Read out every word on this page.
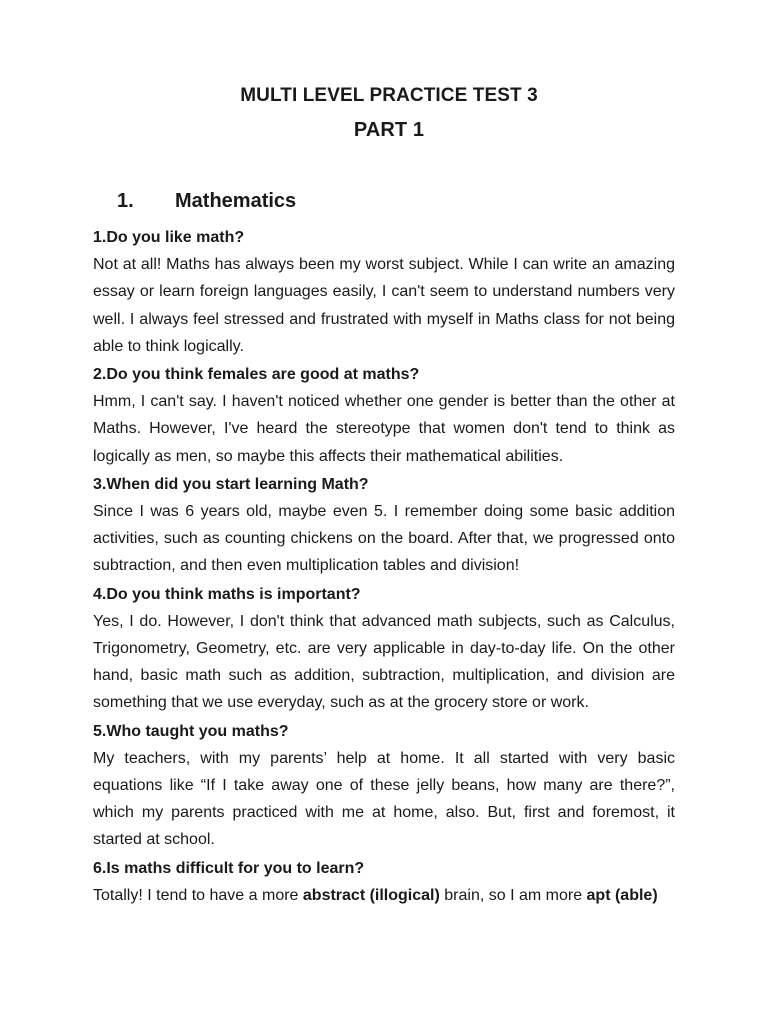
MULTI LEVEL PRACTICE TEST 3
PART 1
1. Mathematics

1.Do you like math?

Not at all! Maths has always been my worst subject. While I can write an amazing essay or learn foreign languages easily, I can't seem to understand numbers very well. I always feel stressed and frustrated with myself in Maths class for not being able to think logically.

2.Do you think females are good at maths?

Hmm, I can't say. I haven't noticed whether one gender is better than the other at Maths. However, I've heard the stereotype that women don't tend to think as logically as men, so maybe this affects their mathematical abilities.

3.When did you start learning Math?

Since I was 6 years old, maybe even 5. I remember doing some basic addition activities, such as counting chickens on the board. After that, we progressed onto subtraction, and then even multiplication tables and division!

4.Do you think maths is important?

Yes, I do. However, I don't think that advanced math subjects, such as Calculus, Trigonometry, Geometry, etc. are very applicable in day-to-day life. On the other hand, basic math such as addition, subtraction, multiplication, and division are something that we use everyday, such as at the grocery store or work.

5.Who taught you maths?

My teachers, with my parents’ help at home. It all started with very basic equations like “If I take away one of these jelly beans, how many are there?”, which my parents practiced with me at home, also. But, first and foremost, it started at school.

6.Is maths difficult for you to learn?

Totally! I tend to have a more abstract (illogical) brain, so I am more apt (able)
